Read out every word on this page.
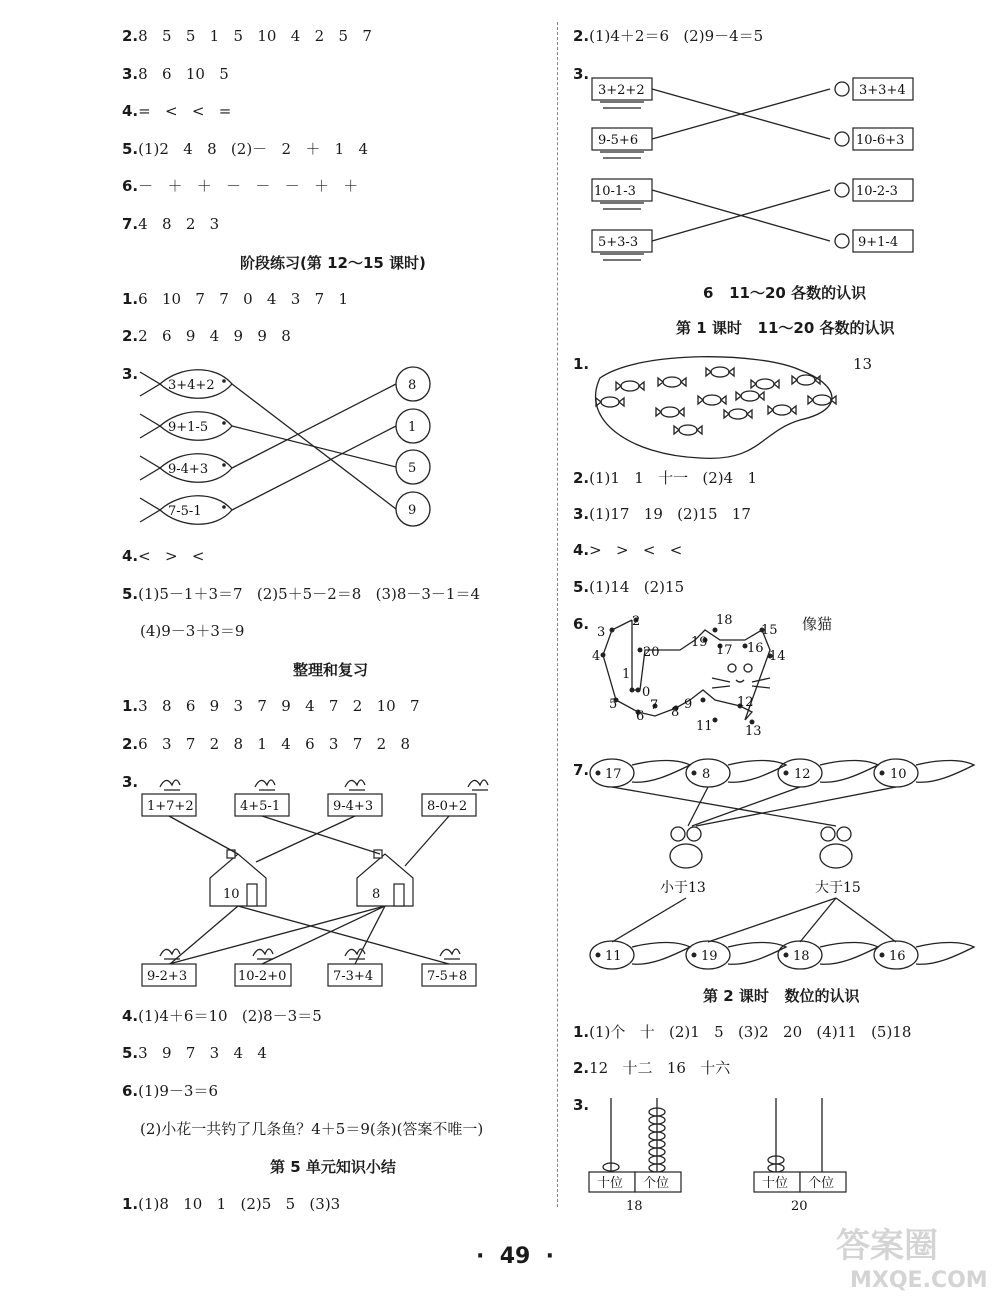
2.8   5   5   1   5   10   4   2   5   7
3.8   6   10   5
4.=   <   <   =
5.(1)2   4   8   (2)－   2   ＋   1   4
6.－   ＋   ＋   －   －   －   ＋   ＋
7.4   8   2   3
阶段练习(第 12～15 课时)
1.6   10   7   7   0   4   3   7   1
2.2   6   9   4   9   9   8
3.
3+4+2
9+1-5
9-4+3
7-5-1
8
1
5
9
4.<   >   <
5.(1)5－1＋3＝7   (2)5＋5－2＝8   (3)8－3－1＝4
(4)9－3＋3＝9
整理和复习
1.3   8   6   9   3   7   9   4   7   2   10   7
2.6   3   7   2   8   1   4   6   3   7   2   8
3.
1+7+2	4+5-1	9-4+3	8-0+2
10	8
9-2+3	10-2+0	7-3+4	7-5+8
4.(1)4＋6＝10   (2)8－3＝5
5.3   9   7   3   4   4
6.(1)9－3＝6
(2)小花一共钓了几条鱼？4＋5＝9(条)(答案不唯一)
第 5 单元知识小结
1.(1)8   10   1   (2)5   5   (3)3
2.(1)4＋2＝6   (2)9－4＝5
3.
3+2+2
9-5+6
10-1-3
5+3-3
3+3+4
10-6+3
10-2-3
9+1-4
6   11～20 各数的认识
第 1 课时   11～20 各数的认识
1.	13
2.(1)1   1   十一   (2)4   1
3.(1)17   19   (2)15   17
4.>   >   <   <
5.(1)14   (2)15
6.	像猫
1
2
3
4
5
6
7 8
9
0
11
12
13
14
15
16
17
18
19
20
7. 17	8	12	10
小于13	大于15
11	19	18	16
第 2 课时   数位的认识
1.(1)个   十   (2)1   5   (3)2   20   (4)11   (5)18
2.12   十二   16   十六
3.
十位 个位
18
十位 个位
20
· 49 ·	答案圈
MXQE.COM
